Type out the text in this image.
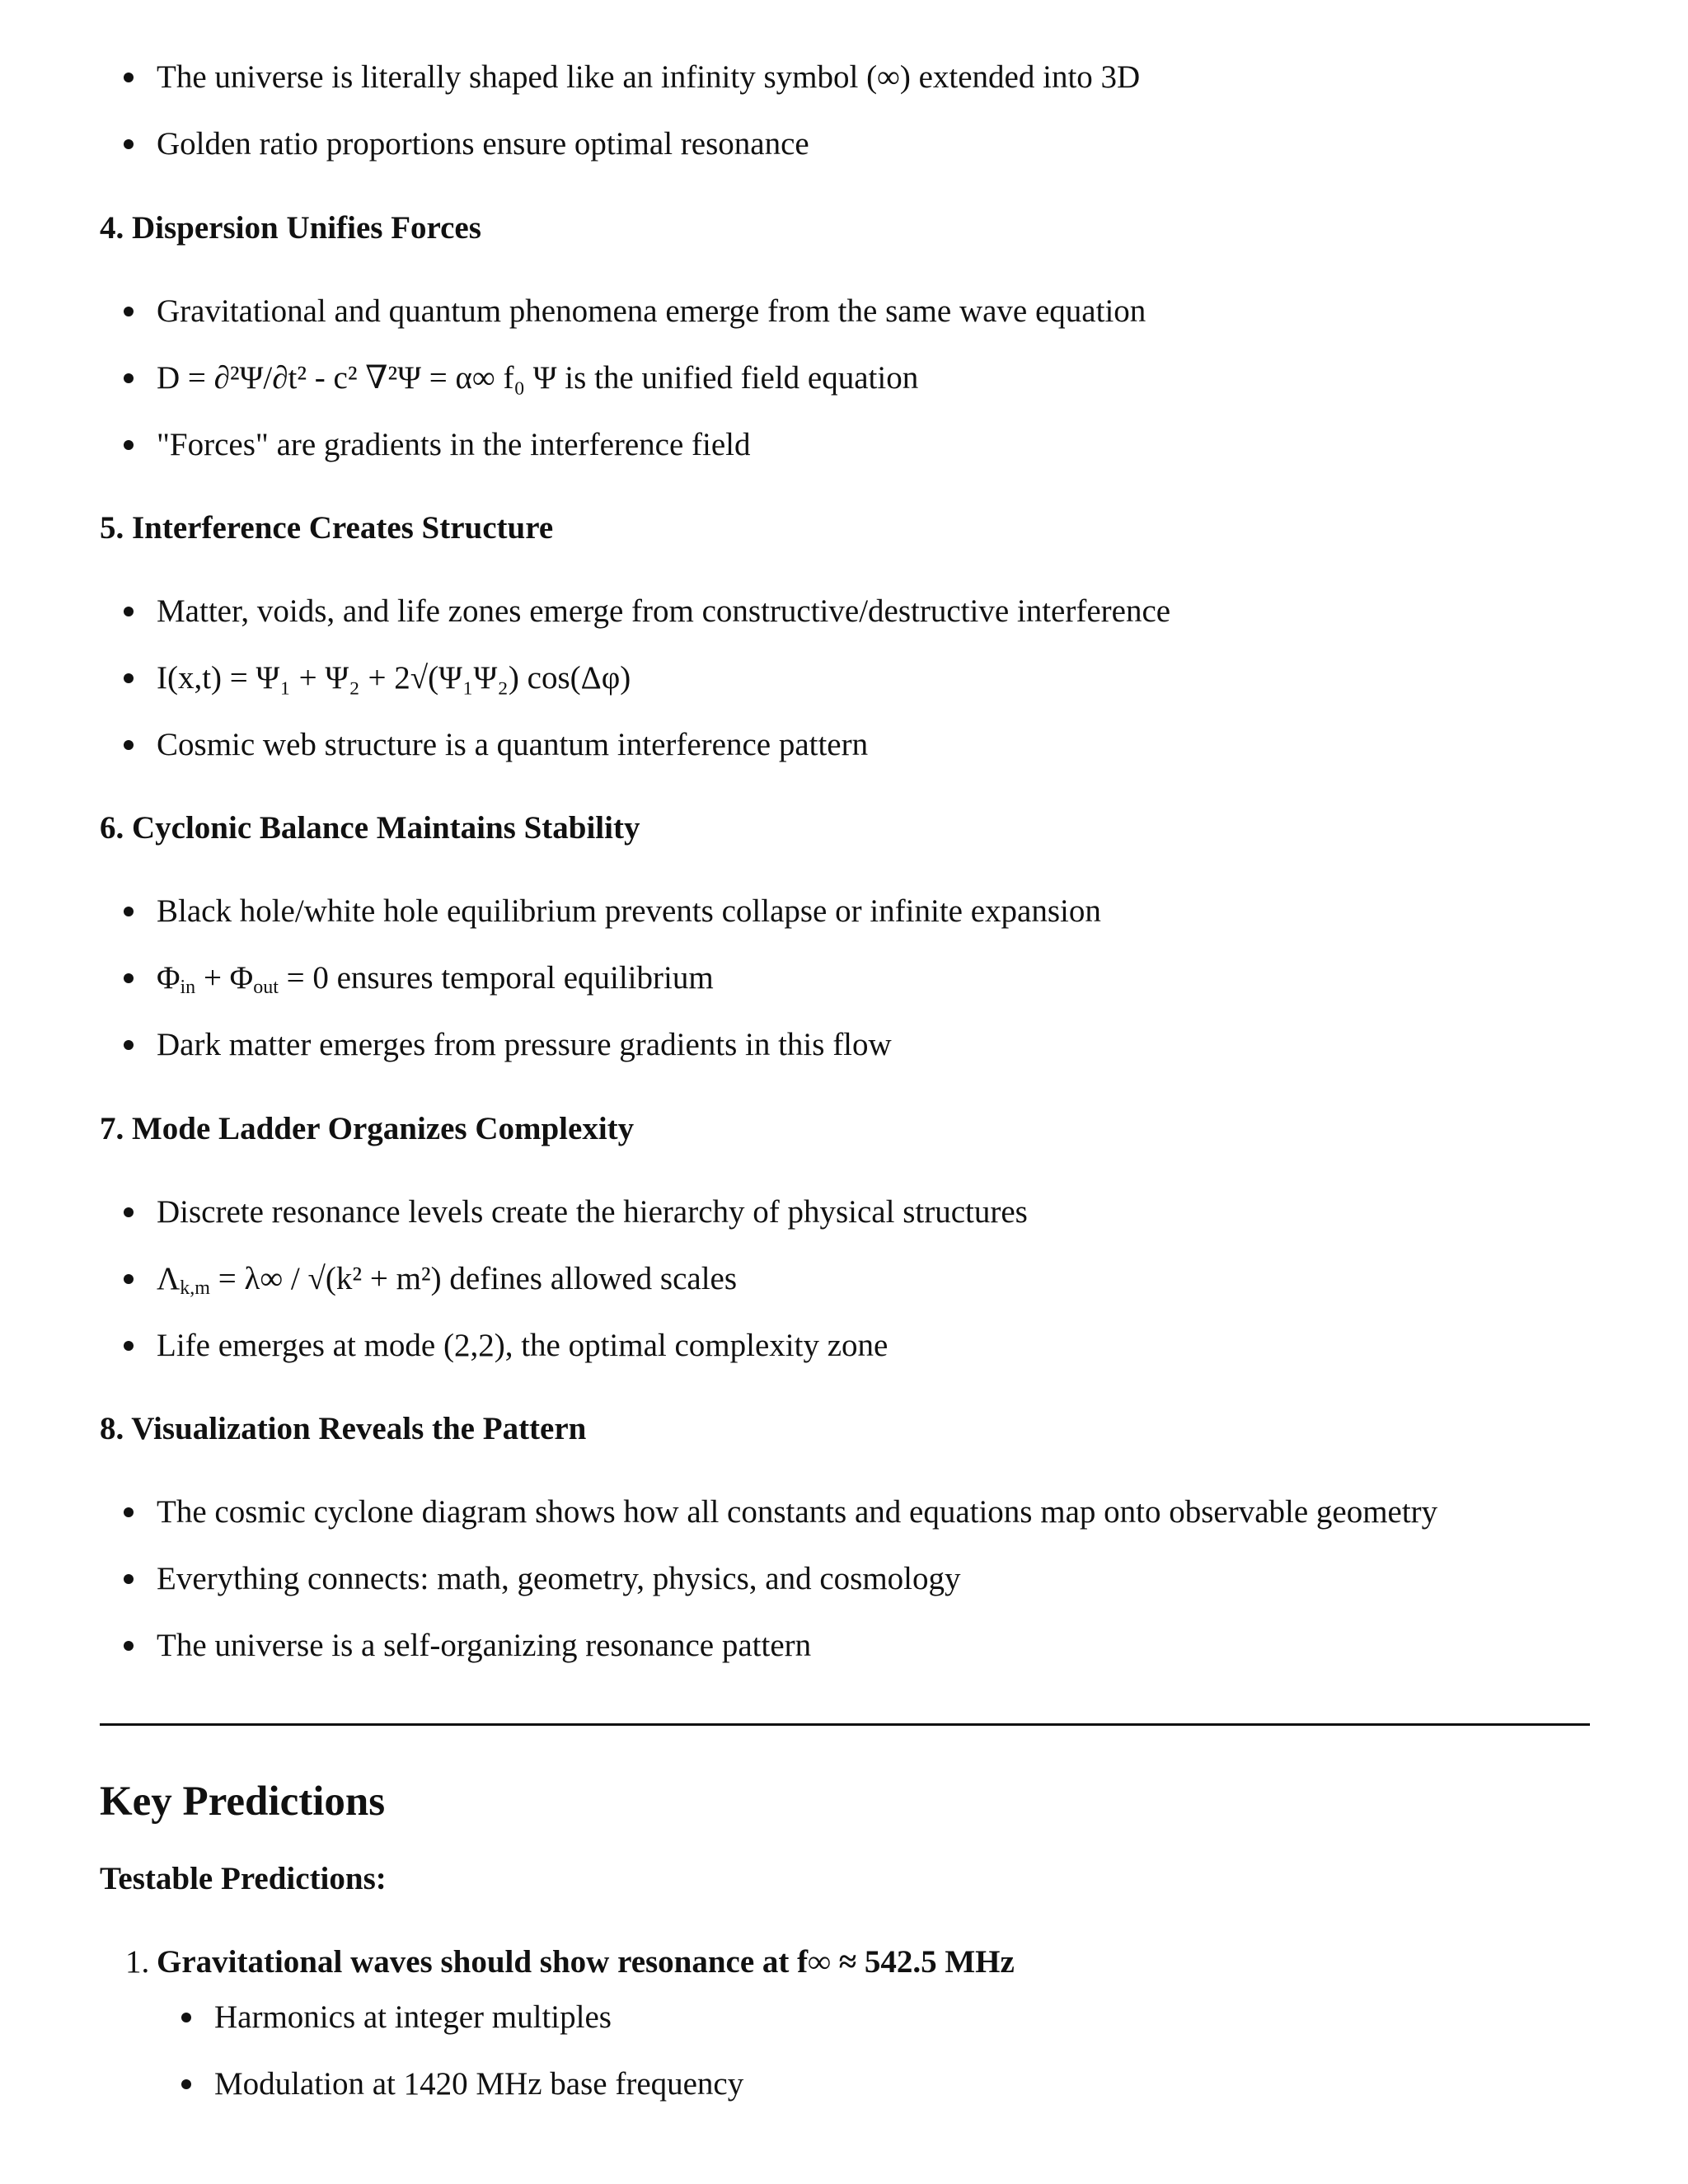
The universe is literally shaped like an infinity symbol (∞) extended into 3D
Golden ratio proportions ensure optimal resonance
4. Dispersion Unifies Forces
Gravitational and quantum phenomena emerge from the same wave equation
D = ∂²Ψ/∂t² - c² ∇²Ψ = α∞ f₀ Ψ is the unified field equation
"Forces" are gradients in the interference field
5. Interference Creates Structure
Matter, voids, and life zones emerge from constructive/destructive interference
I(x,t) = Ψ₁ + Ψ₂ + 2√(Ψ₁Ψ₂) cos(Δφ)
Cosmic web structure is a quantum interference pattern
6. Cyclonic Balance Maintains Stability
Black hole/white hole equilibrium prevents collapse or infinite expansion
$\Phi_{in} + \Phi_{out} = 0$ ensures temporal equilibrium
Dark matter emerges from pressure gradients in this flow
7. Mode Ladder Organizes Complexity
Discrete resonance levels create the hierarchy of physical structures
$\Lambda_{k,m} = \lambda\infty / √(k^2 + m^2)$ defines allowed scales
Life emerges at mode (2,2), the optimal complexity zone
8. Visualization Reveals the Pattern
The cosmic cyclone diagram shows how all constants and equations map onto observable geometry
Everything connects: math, geometry, physics, and cosmology
The universe is a self-organizing resonance pattern
Key Predictions
Testable Predictions:
1. Gravitational waves should show resonance at f∞ ≈ 542.5 MHz
Harmonics at integer multiples
Modulation at 1420 MHz base frequency
